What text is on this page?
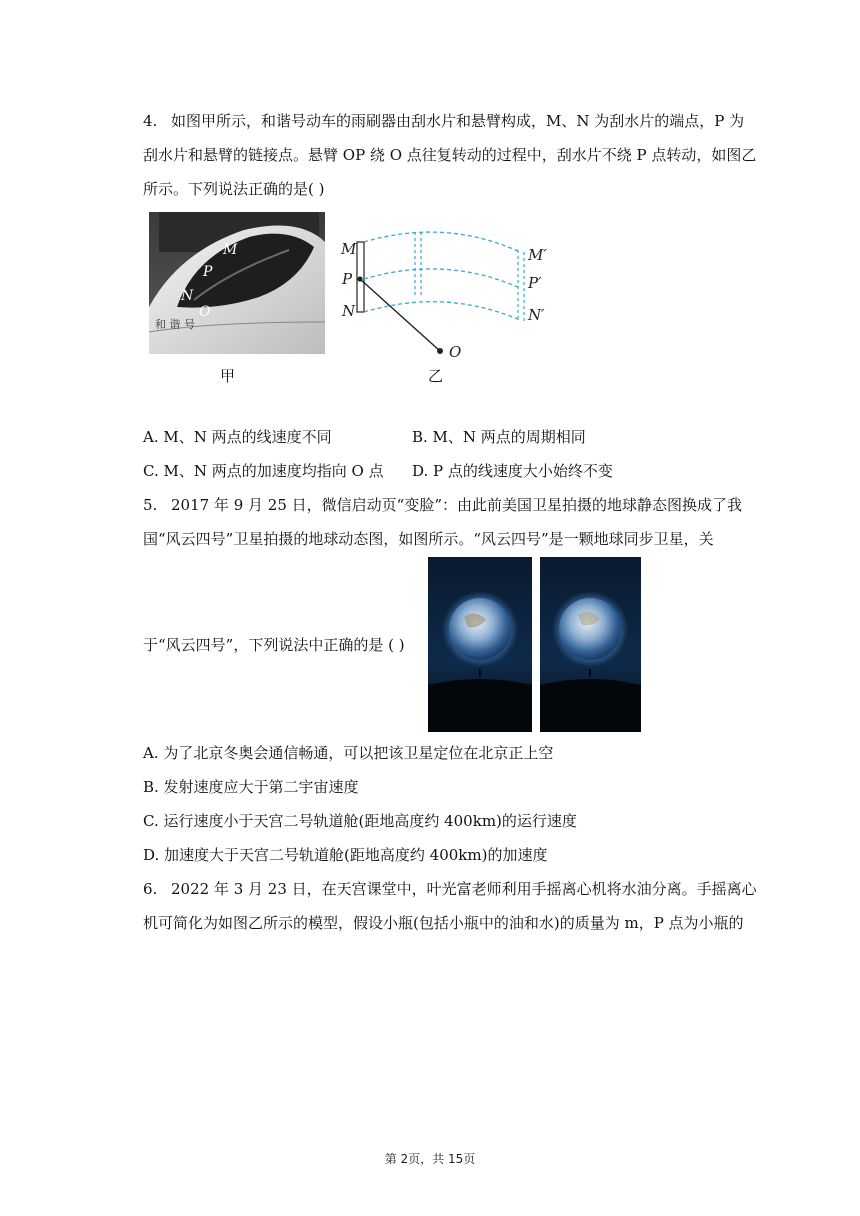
4. 如图甲所示，和谐号动车的雨刷器由刮水片和悬臂构成，M、N 为刮水片的端点，P 为
刮水片和悬臂的链接点。悬臂 OP 绕 O 点往复转动的过程中，刮水片不绕 P 点转动，如图乙
所示。下列说法正确的是( )
M
P
N
O
和 谐 号
甲
M
P
N
M′
P′
N′
O
乙
A. M、N 两点的线速度不同	B. M、N 两点的周期相同
C. M、N 两点的加速度均指向 O 点 D. P 点的线速度大小始终不变
5. 2017 年 9 月 25 日，微信启动页“变脸”：由此前美国卫星拍摄的地球静态图换成了我
国“风云四号”卫星拍摄的地球动态图，如图所示。“风云四号”是一颗地球同步卫星，关
于“风云四号”，下列说法中正确的是 ( )
A. 为了北京冬奥会通信畅通，可以把该卫星定位在北京正上空
B. 发射速度应大于第二宇宙速度
C. 运行速度小于天宫二号轨道舱(距地高度约 400km)的运行速度
D. 加速度大于天宫二号轨道舱(距地高度约 400km)的加速度
6. 2022 年 3 月 23 日，在天宫课堂中，叶光富老师利用手摇离心机将水油分离。手摇离心
机可简化为如图乙所示的模型，假设小瓶(包括小瓶中的油和水)的质量为 m，P 点为小瓶的
第 2页，共 15页
